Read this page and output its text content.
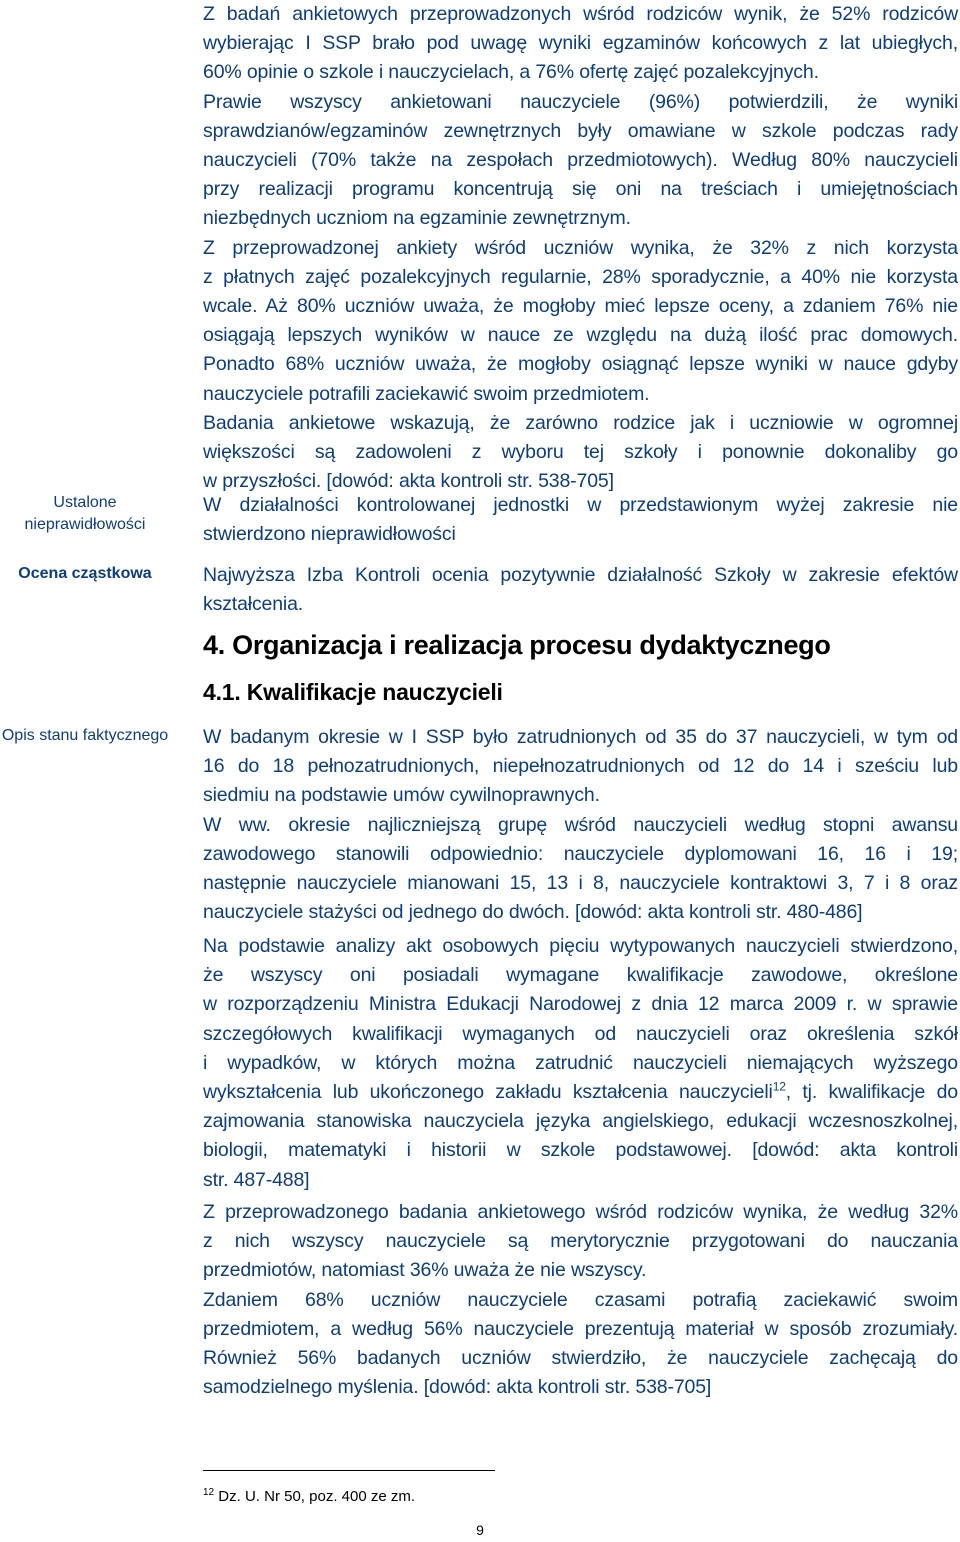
Ustalone nieprawidłowości
Ocena cząstkowa
Opis stanu faktycznego
Z badań ankietowych przeprowadzonych wśród rodziców wynik, że 52% rodziców
wybierając I SSP brało pod uwagę wyniki egzaminów końcowych z lat ubiegłych,
60% opinie o szkole i nauczycielach, a 76% ofertę zajęć pozalekcyjnych.
Prawie wszyscy ankietowani nauczyciele (96%) potwierdzili, że wyniki
sprawdzianów/egzaminów zewnętrznych były omawiane w szkole podczas rady
nauczycieli (70% także na zespołach przedmiotowych). Według 80% nauczycieli
przy realizacji programu koncentrują się oni na treściach i umiejętnościach
niezbędnych uczniom na egzaminie zewnętrznym.
Z przeprowadzonej ankiety wśród uczniów wynika, że 32% z nich korzysta
z płatnych zajęć pozalekcyjnych regularnie, 28% sporadycznie, a 40% nie korzysta
wcale. Aż 80% uczniów uważa, że mogłoby mieć lepsze oceny, a zdaniem 76% nie
osiągają lepszych wyników w nauce ze względu na dużą ilość prac domowych.
Ponadto 68% uczniów uważa, że mogłoby osiągnąć lepsze wyniki w nauce gdyby
nauczyciele potrafili zaciekawić swoim przedmiotem.
Badania ankietowe wskazują, że zarówno rodzice jak i uczniowie w ogromnej
większości są zadowoleni z wyboru tej szkoły i ponownie dokonaliby go
w przyszłości. [dowód: akta kontroli str. 538-705]
W działalności kontrolowanej jednostki w przedstawionym wyżej zakresie nie
stwierdzono nieprawidłowości
Najwyższa Izba Kontroli ocenia pozytywnie działalność Szkoły w zakresie efektów
kształcenia.
4. Organizacja i realizacja procesu dydaktycznego
4.1. Kwalifikacje nauczycieli
W badanym okresie w I SSP było zatrudnionych od 35 do 37 nauczycieli, w tym od
16 do 18 pełnozatrudnionych, niepełnozatrudnionych od 12 do 14 i sześciu lub
siedmiu na podstawie umów cywilnoprawnych.
W ww. okresie najliczniejszą grupę wśród nauczycieli według stopni awansu
zawodowego stanowili odpowiednio: nauczyciele dyplomowani 16, 16 i 19;
następnie nauczyciele mianowani 15, 13 i 8, nauczyciele kontraktowi 3, 7 i 8 oraz
nauczyciele stażyści od jednego do dwóch. [dowód: akta kontroli str. 480-486]
Na podstawie analizy akt osobowych pięciu wytypowanych nauczycieli stwierdzono,
że wszyscy oni posiadali wymagane kwalifikacje zawodowe, określone
w rozporządzeniu Ministra Edukacji Narodowej z dnia 12 marca 2009 r. w sprawie
szczegółowych kwalifikacji wymaganych od nauczycieli oraz określenia szkół
i wypadków, w których można zatrudnić nauczycieli niemających wyższego
wykształcenia lub ukończonego zakładu kształcenia nauczycieli$^{12}$, tj. kwalifikacje do
zajmowania stanowiska nauczyciela języka angielskiego, edukacji wczesnoszkolnej,
biologii, matematyki i historii w szkole podstawowej. [dowód: akta kontroli
str. 487-488]
Z przeprowadzonego badania ankietowego wśród rodziców wynika, że według 32%
z nich wszyscy nauczyciele są merytorycznie przygotowani do nauczania
przedmiotów, natomiast 36% uważa że nie wszyscy.
Zdaniem 68% uczniów nauczyciele czasami potrafią zaciekawić swoim
przedmiotem, a według 56% nauczyciele prezentują materiał w sposób zrozumiały.
Również 56% badanych uczniów stwierdziło, że nauczyciele zachęcają do
samodzielnego myślenia. [dowód: akta kontroli str. 538-705]
$^{12}$ Dz. U. Nr 50, poz. 400 ze zm.
9
